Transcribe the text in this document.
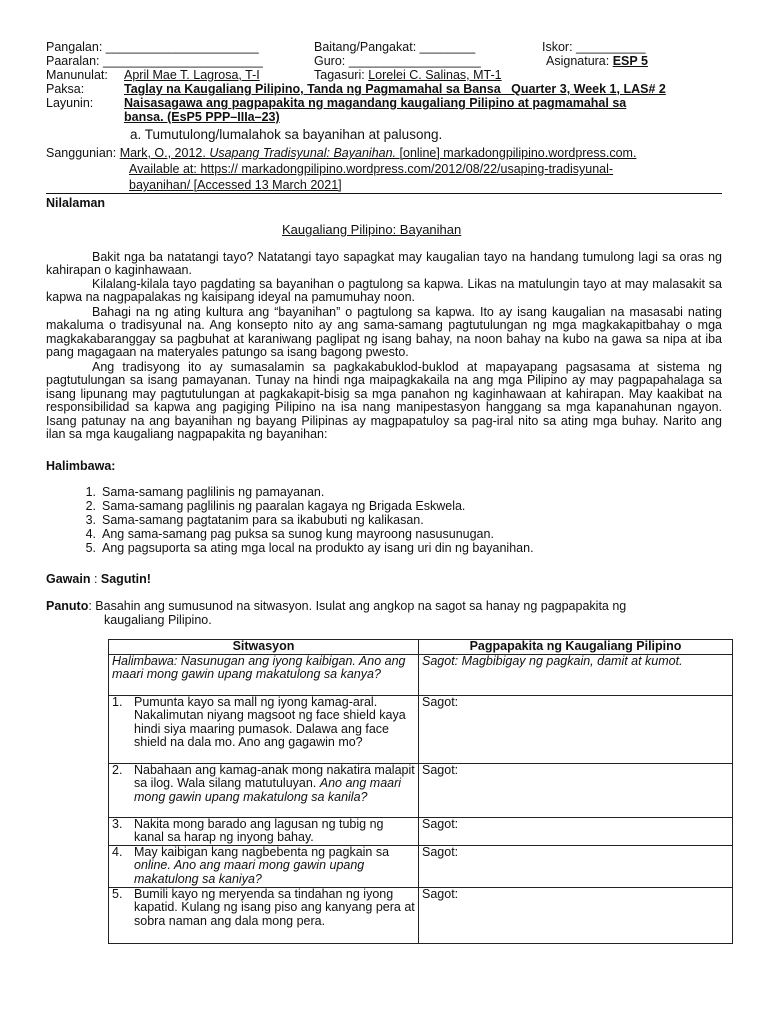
Pangalan: ______________________	Baitang/Pangakat: ________	Iskor: __________
Paaralan: _______________________	Guro: ___________________	Asignatura: ESP 5
Manunulat: April Mae T. Lagrosa, T-I	Tagasuri: Lorelei C. Salinas, MT-1
Paksa:	Taglay na Kaugaliang Pilipino, Tanda ng Pagmamahal sa Bansa   Quarter 3, Week 1, LAS# 2
Layunin: Naisasagawa ang pagpapakita ng magandang kaugaliang Pilipino at pagmamahal sa
bansa. (EsP5 PPP–IIIa–23)
a. Tumutulong/lumalahok sa bayanihan at palusong.
Sanggunian: Mark, O., 2012. Usapang Tradisyunal: Bayanihan. [online] markadongpilipino.wordpress.com.
Available at: https:// markadongpilipino.wordpress.com/2012/08/22/usaping-tradisyunal-
bayanihan/ [Accessed 13 March 2021]
Nilalaman
Kaugaliang Pilipino: Bayanihan

Bakit nga ba natatangi tayo? Natatangi tayo sapagkat may kaugalian tayo na handang tumulong lagi sa oras ng kahirapan o kaginhawaan.

Kilalang-kilala tayo pagdating sa bayanihan o pagtulong sa kapwa. Likas na matulungin tayo at may malasakit sa kapwa na nagpapalakas ng kaisipang ideyal na pamumuhay noon.

Bahagi na ng ating kultura ang “bayanihan” o pagtulong sa kapwa. Ito ay isang kaugalian na masasabi nating makaluma o tradisyunal na. Ang konsepto nito ay ang sama-samang pagtutulungan ng mga magkakapitbahay o mga magkakabaranggay sa pagbuhat at karaniwang paglipat ng isang bahay, na noon bahay na kubo na gawa sa nipa at iba pang magagaan na materyales patungo sa isang bagong pwesto.

Ang tradisyong ito ay sumasalamin sa pagkakabuklod-buklod at mapayapang pagsasama at sistema ng pagtutulungan sa isang pamayanan. Tunay na hindi nga maipagkakaila na ang mga Pilipino ay may pagpapahalaga sa isang lipunang may pagtutulungan at pagkakapit-bisig sa mga panahon ng kaginhawaan at kahirapan. May kaakibat na responsibilidad sa kapwa ang pagiging Pilipino na isa nang manipestasyon hanggang sa mga kapanahunan ngayon. Isang patunay na ang bayanihan ng bayang Pilipinas ay magpapatuloy sa pag-iral nito sa ating mga buhay. Narito ang ilan sa mga kaugaliang nagpapakita ng bayanihan:

Halimbawa:
1. Sama-samang paglilinis ng pamayanan.
2. Sama-samang paglilinis ng paaralan kagaya ng Brigada Eskwela.
3. Sama-samang pagtatanim para sa ikabubuti ng kalikasan.
4. Ang sama-samang pag puksa sa sunog kung mayroong nasusunugan.
5. Ang pagsuporta sa ating mga local na produkto ay isang uri din ng bayanihan.
Gawain : Sagutin!
Panuto: Basahin ang sumusunod na sitwasyon. Isulat ang angkop na sagot sa hanay ng pagpapakita ng
kaugaliang Pilipino.
Sitwasyon	Pagpapakita ng Kaugaliang Pilipino
Halimbawa: Nasunugan ang iyong kaibigan. Ano ang maari mong gawin upang makatulong sa kanya?	Sagot: Magbibigay ng pagkain, damit at kumot.

1. Pumunta kayo sa mall ng iyong kamag-aral. Nakalimutan niyang magsoot ng face shield kaya hindi siya maaring pumasok. Dalawa ang face shield na dala mo. Ano ang gagawin mo?	Sagot:

2. Nabahaan ang kamag-anak mong nakatira malapit sa ilog. Wala silang matutuluyan. Ano ang maari mong gawin upang makatulong sa kanila?	Sagot:

3. Nakita mong barado ang lagusan ng tubig ng kanal sa harap ng inyong bahay.	Sagot:

4. May kaibigan kang nagbebenta ng pagkain sa online. Ano ang maari mong gawin upang makatulong sa kaniya?	Sagot:

5. Bumili kayo ng meryenda sa tindahan ng iyong kapatid. Kulang ng isang piso ang kanyang pera at sobra naman ang dala mong pera.	Sagot:
